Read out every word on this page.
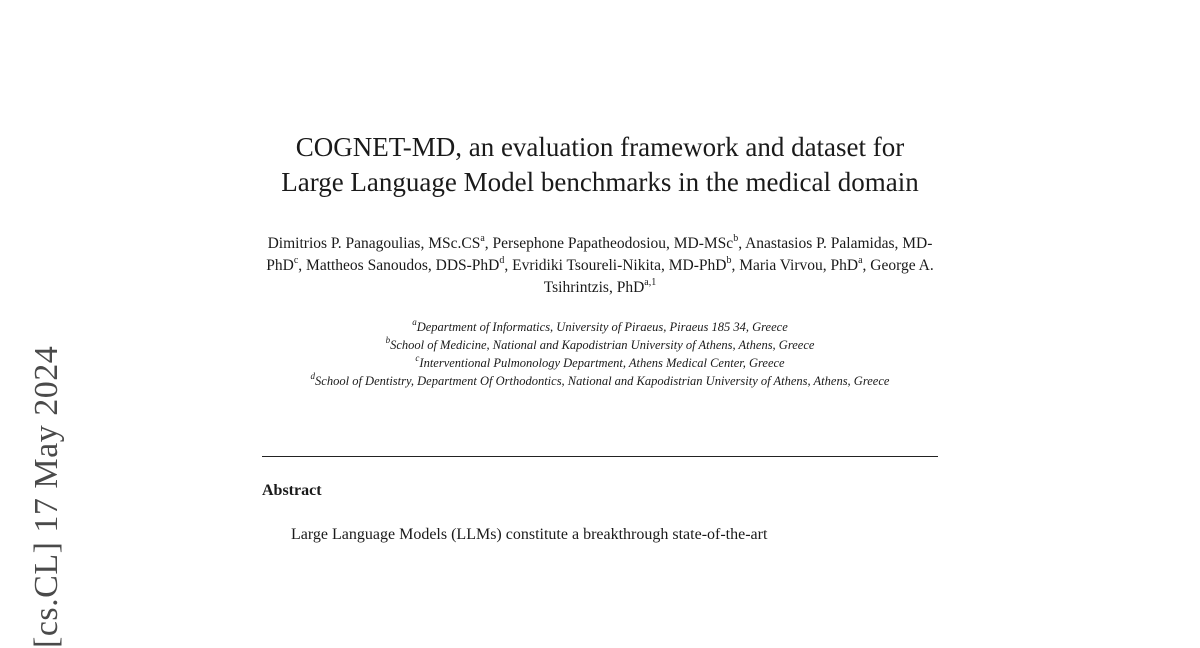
[cs.CL] 17 May 2024
COGNET-MD, an evaluation framework and dataset for Large Language Model benchmarks in the medical domain
Dimitrios P. Panagoulias, $MSc.CS^a$, Persephone Papatheodosiou, MD-MSc$^b$, Anastasios P. Palamidas, MD-PhD$^c$, Mattheos Sanoudos, DDS-PhD$^d$, Evridiki Tsoureli-Nikita, MD-PhD$^b$, Maria Virvou, PhD$^a$, George A. Tsihrintzis, PhD$^{a,1}$
$^a$Department of Informatics, University of Piraeus, Piraeus 185 34, Greece
$^b$School of Medicine, National and Kapodistrian University of Athens, Athens, Greece
$^c$Interventional Pulmonology Department, Athens Medical Center, Greece
$^d$School of Dentistry, Department Of Orthodontics, National and Kapodistrian University of Athens, Athens, Greece
Abstract
Large Language Models (LLMs) constitute a breakthrough state-of-the-art
